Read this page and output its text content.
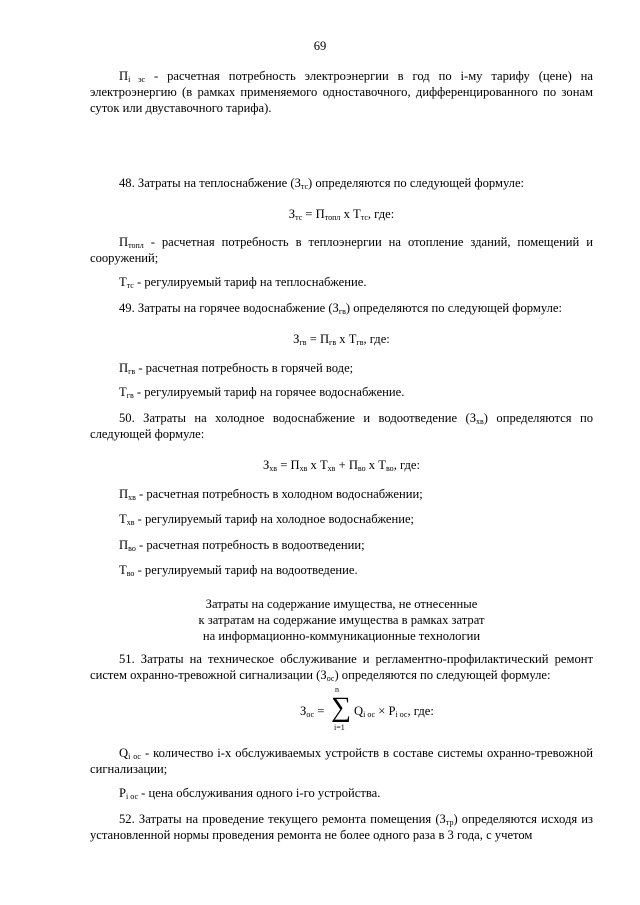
69

$П_{i эс}$ - расчетная потребность электроэнергии в год по i-му тарифу (цене) на электроэнергию (в рамках применяемого одноставочного, дифференцированного по зонам суток или двуставочного тарифа).

48. Затраты на теплоснабжение $(З_{тс})$ определяются по следующей формуле:

$З_{тс} = П_{топл}$ х $Т_{тс}$, где:

$П_{топл}$ - расчетная потребность в теплоэнергии на отопление зданий, помещений и сооружений;

$Т_{тс}$ - регулируемый тариф на теплоснабжение.

49. Затраты на горячее водоснабжение $(З_{гв})$ определяются по следующей формуле:

$З_{гв} = П_{гв}$ х $Т_{гв}$, где:

$П_{гв}$ - расчетная потребность в горячей воде;

$Т_{гв}$ - регулируемый тариф на горячее водоснабжение.

50. Затраты на холодное водоснабжение и водоотведение $(З_{хв})$ определяются по следующей формуле:

$З_{хв} = П_{хв}$ х $Т_{хв} + П_{во}$ х $Т_{во}$, где:

$П_{хв}$ - расчетная потребность в холодном водоснабжении;

$Т_{хв}$ - регулируемый тариф на холодное водоснабжение;

$П_{во}$ - расчетная потребность в водоотведении;

$Т_{во}$ - регулируемый тариф на водоотведение.

Затраты на содержание имущества, не отнесенные
к затратам на содержание имущества в рамках затрат
на информационно-коммуникационные технологии

51. Затраты на техническое обслуживание и регламентно-профилактический ремонт систем охранно-тревожной сигнализации $(З_{ос})$ определяются по следующей формуле:

$З_{ос}$ =
n
∑
i=1
$Q_{i ос} \times P_{i ос}$, где:

$Q_{i ос}$ - количество i-х обслуживаемых устройств в составе системы охранно-тревожной сигнализации;

$P_{i ос}$ - цена обслуживания одного i-го устройства.

52. Затраты на проведение текущего ремонта помещения $(З_{тр})$ определяются исходя из установленной нормы проведения ремонта не более одного раза в 3 года, с учетом
